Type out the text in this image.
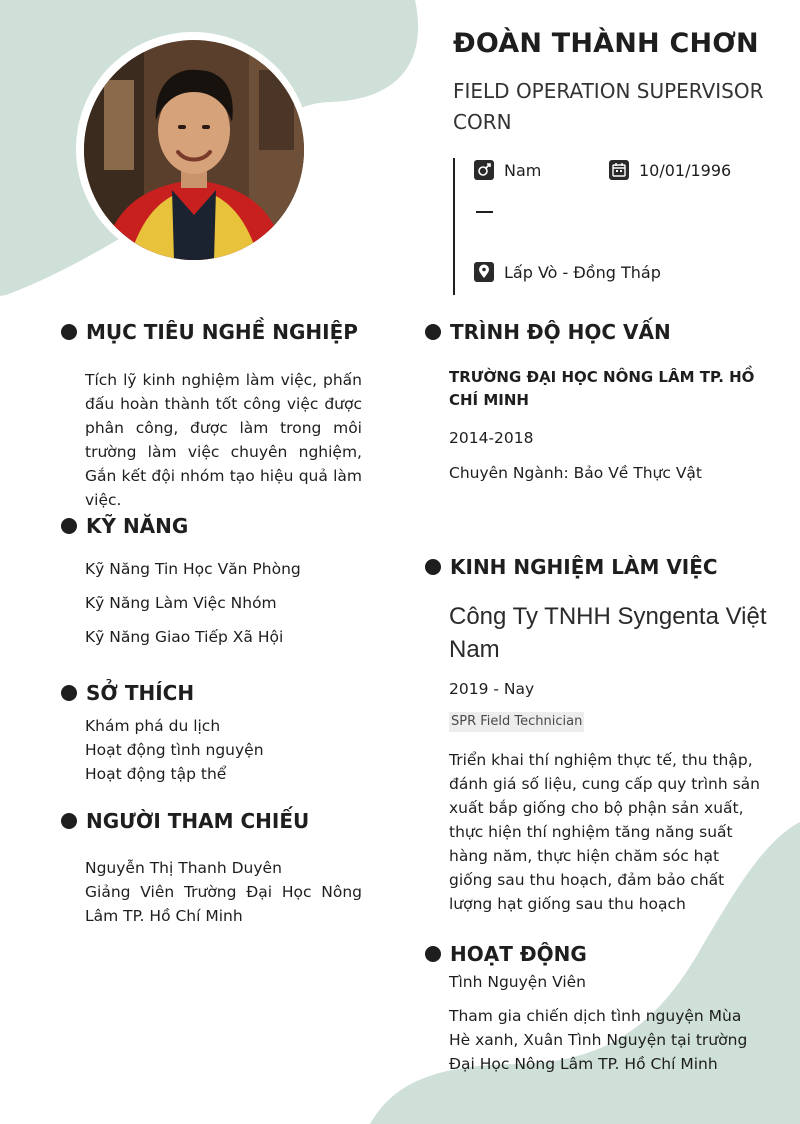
ĐOÀN THÀNH CHƠN
FIELD OPERATION SUPERVISOR CORN
Nam	10/01/1996
Lấp Vò - Đồng Tháp
MỤC TIÊU NGHỀ NGHIỆP
Tích lỹ kinh nghiệm làm việc, phấn đấu hoàn thành tốt công việc được phân công, được làm trong môi trường làm việc chuyên nghiệm, Gắn kết đội nhóm tạo hiệu quả làm việc.
KỸ NĂNG
Kỹ Năng Tin Học Văn Phòng
Kỹ Năng Làm Việc Nhóm
Kỹ Năng Giao Tiếp Xã Hội
SỞ THÍCH
Khám phá du lịch
Hoạt động tình nguyện
Hoạt động tập thể
NGƯỜI THAM CHIẾU
Nguyễn Thị Thanh Duyên
Giảng Viên Trường Đại Học Nông Lâm TP. Hồ Chí Minh
TRÌNH ĐỘ HỌC VẤN
TRƯỜNG ĐẠI HỌC NÔNG LÂM TP. HỒ CHÍ MINH
2014-2018
Chuyên Ngành: Bảo Về Thực Vật
KINH NGHIỆM LÀM VIỆC
Công Ty TNHH Syngenta Việt Nam
2019 - Nay
SPR Field Technician
Triển khai thí nghiệm thực tế, thu thập, đánh giá số liệu, cung cấp quy trình sản xuất bắp giống cho bộ phận sản xuất, thực hiện thí nghiệm tăng năng suất hàng năm, thực hiện chăm sóc hạt giống sau thu hoạch, đảm bảo chất lượng hạt giống sau thu hoạch
HOẠT ĐỘNG
Tình Nguyện Viên
Tham gia chiến dịch tình nguyện Mùa Hè xanh, Xuân Tình Nguyện tại trường Đại Học Nông Lâm TP. Hồ Chí Minh
